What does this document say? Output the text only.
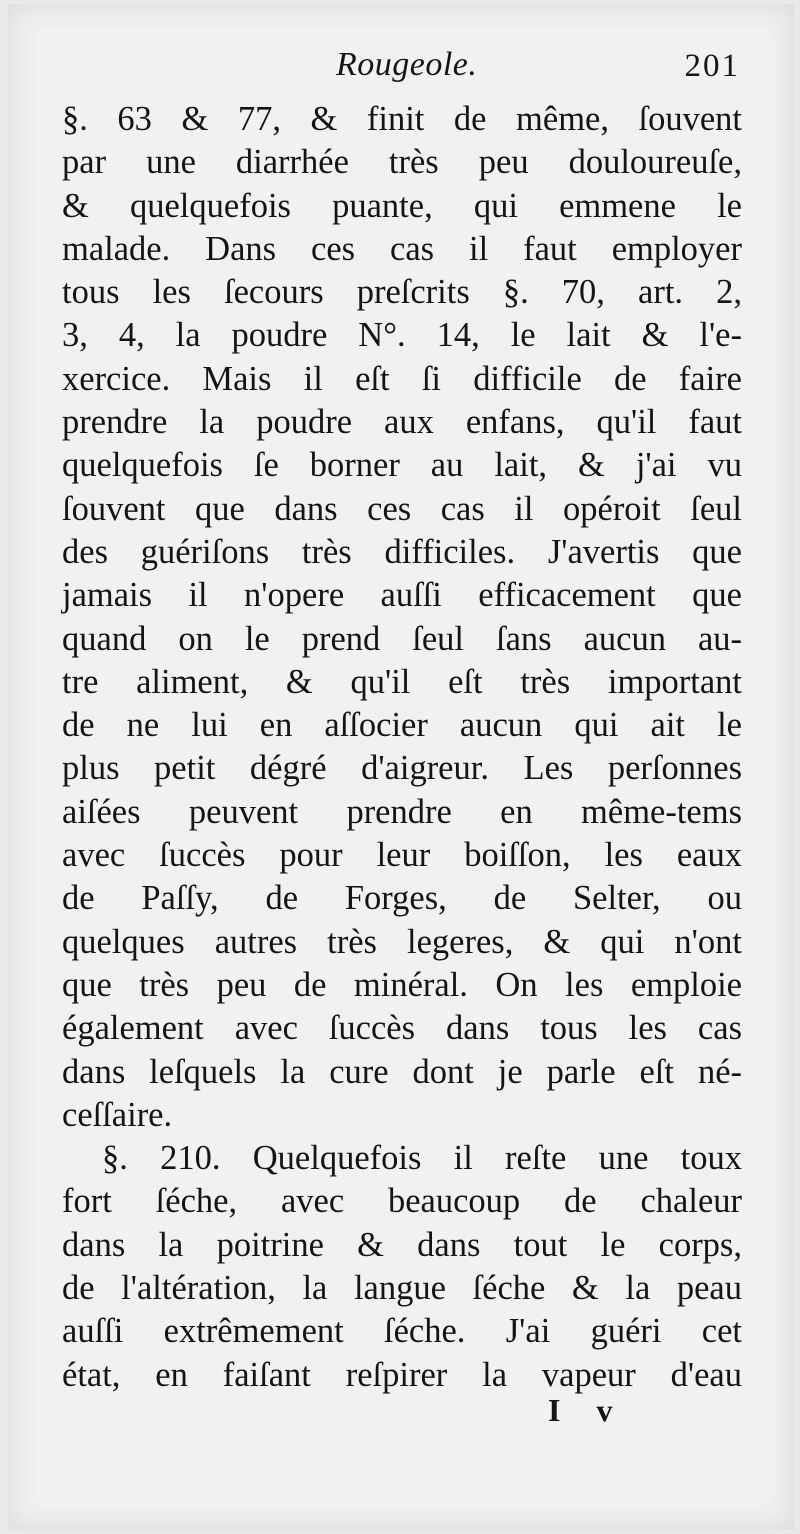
Rougeole.	201
§. 63 & 77, & finit de même, ſouvent
par une diarrhée très peu douloureuſe,
& quelquefois puante, qui emmene le
malade. Dans ces cas il faut employer
tous les ſecours preſcrits §. 70, art. 2,
3, 4, la poudre N°. 14, le lait & l'e-
xercice. Mais il eſt ſi difficile de faire
prendre la poudre aux enfans, qu'il faut
quelquefois ſe borner au lait, & j'ai vu
ſouvent que dans ces cas il opéroit ſeul
des guériſons très difficiles. J'avertis que
jamais il n'opere auſſi efficacement que
quand on le prend ſeul ſans aucun au-
tre aliment, & qu'il eſt très important
de ne lui en aſſocier aucun qui ait le
plus petit dégré d'aigreur. Les perſonnes
aiſées peuvent prendre en même-tems
avec ſuccès pour leur boiſſon, les eaux
de Paſſy, de Forges, de Selter, ou
quelques autres très legeres, & qui n'ont
que très peu de minéral. On les emploie
également avec ſuccès dans tous les cas
dans leſquels la cure dont je parle eſt né-
ceſſaire.
§. 210. Quelquefois il reſte une toux
fort ſéche, avec beaucoup de chaleur
dans la poitrine & dans tout le corps,
de l'altération, la langue ſéche & la peau
auſſi extrêmement ſéche. J'ai guéri cet
état, en faiſant reſpirer la vapeur d'eau
I v
